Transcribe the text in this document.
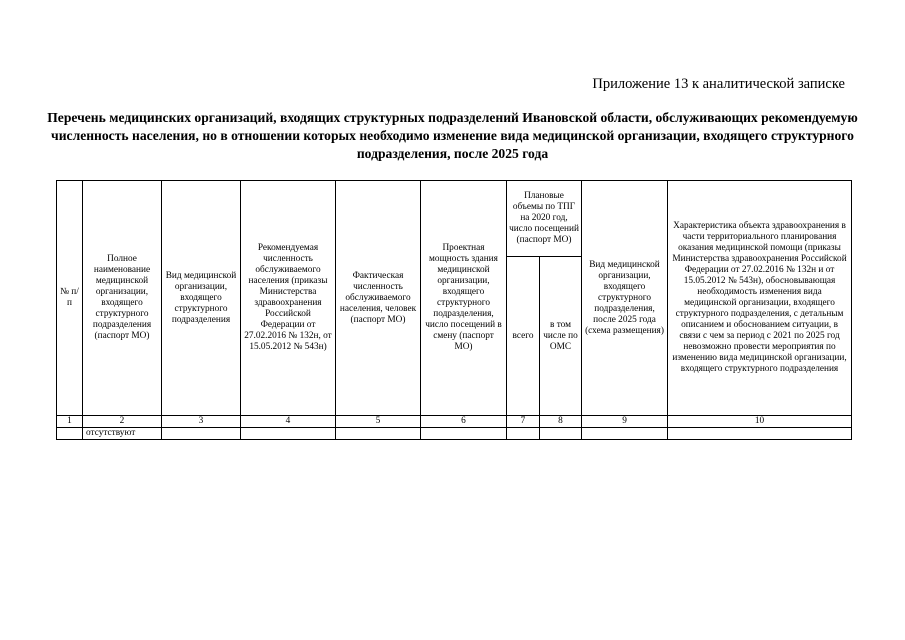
Приложение 13 к аналитической записке
Перечень медицинских организаций, входящих структурных подразделений Ивановской области, обслуживающих рекомендуемую численность населения, но в отношении которых необходимо изменение вида медицинской организации, входящего структурного подразделения, после 2025 года
№ п/п	Полное наименование медицинской организации, входящего структурного подразделения (паспорт МО)	Вид медицинской организации, входящего структурного подразделения	Рекомендуемая численность обслуживаемого населения (приказы Министерства здравоохранения Российской Федерации от 27.02.2016 № 132н, от 15.05.2012 № 543н)	Фактическая численность обслуживаемого населения, человек (паспорт МО)	Проектная мощность здания медицинской организации, входящего структурного подразделения, число посещений в смену (паспорт МО)	Плановые объемы по ТПГ на 2020 год, число посещений (паспорт МО)		Вид медицинской организации, входящего структурного подразделения, после 2025 года (схема размещения)	Характеристика объекта здравоохранения в части территориального планирования оказания медицинской помощи (приказы Министерства здравоохранения Российской Федерации от 27.02.2016 № 132н и от 15.05.2012 № 543н), обосновывающая необходимость изменения вида медицинской организации, входящего структурного подразделения, с детальным описанием и обоснованием ситуации, в связи с чем за период с 2021 по 2025 год невозможно провести мероприятия по изменению вида медицинской организации, входящего структурного подразделения
						всего	в том числе по ОМС		
1	2	3	4	5	6	7	8	9	10
	отсутствуют								
